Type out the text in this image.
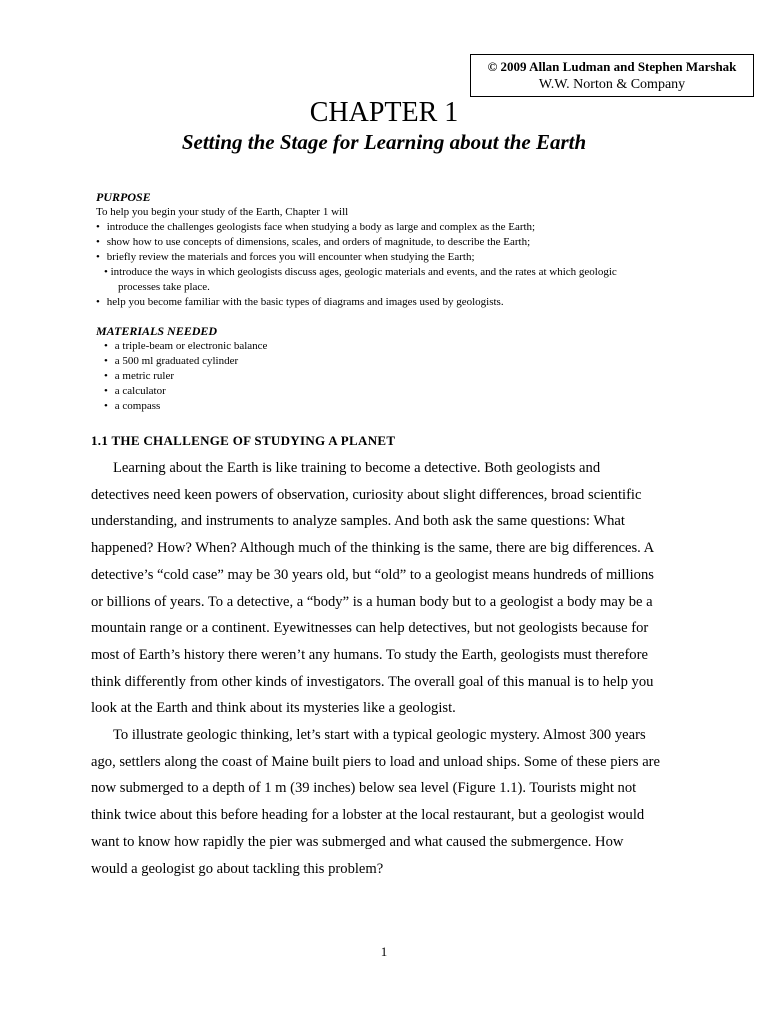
© 2009 Allan Ludman and Stephen Marshak
W.W. Norton & Company
CHAPTER 1
Setting the Stage for Learning about the Earth
PURPOSE
To help you begin your study of the Earth, Chapter 1 will
• introduce the challenges geologists face when studying a body as large and complex as the Earth;
• show how to use concepts of dimensions, scales, and orders of magnitude, to describe the Earth;
• briefly review the materials and forces you will encounter when studying the Earth;
• introduce the ways in which geologists discuss ages, geologic materials and events, and the rates at which geologic processes take place.
• help you become familiar with the basic types of diagrams and images used by geologists.
MATERIALS NEEDED
• a triple-beam or electronic balance
• a 500 ml graduated cylinder
• a metric ruler
• a calculator
• a compass
1.1 THE CHALLENGE OF STUDYING A PLANET
Learning about the Earth is like training to become a detective. Both geologists and
detectives need keen powers of observation, curiosity about slight differences, broad scientific
understanding, and instruments to analyze samples. And both ask the same questions: What
happened? How? When? Although much of the thinking is the same, there are big differences. A
detective’s “cold case” may be 30 years old, but “old” to a geologist means hundreds of millions
or billions of years. To a detective, a “body” is a human body but to a geologist a body may be a
mountain range or a continent. Eyewitnesses can help detectives, but not geologists because for
most of Earth’s history there weren’t any humans. To study the Earth, geologists must therefore
think differently from other kinds of investigators. The overall goal of this manual is to help you
look at the Earth and think about its mysteries like a geologist.
To illustrate geologic thinking, let’s start with a typical geologic mystery. Almost 300 years
ago, settlers along the coast of Maine built piers to load and unload ships. Some of these piers are
now submerged to a depth of 1 m (39 inches) below sea level (Figure 1.1). Tourists might not
think twice about this before heading for a lobster at the local restaurant, but a geologist would
want to know how rapidly the pier was submerged and what caused the submergence. How
would a geologist go about tackling this problem?
1
